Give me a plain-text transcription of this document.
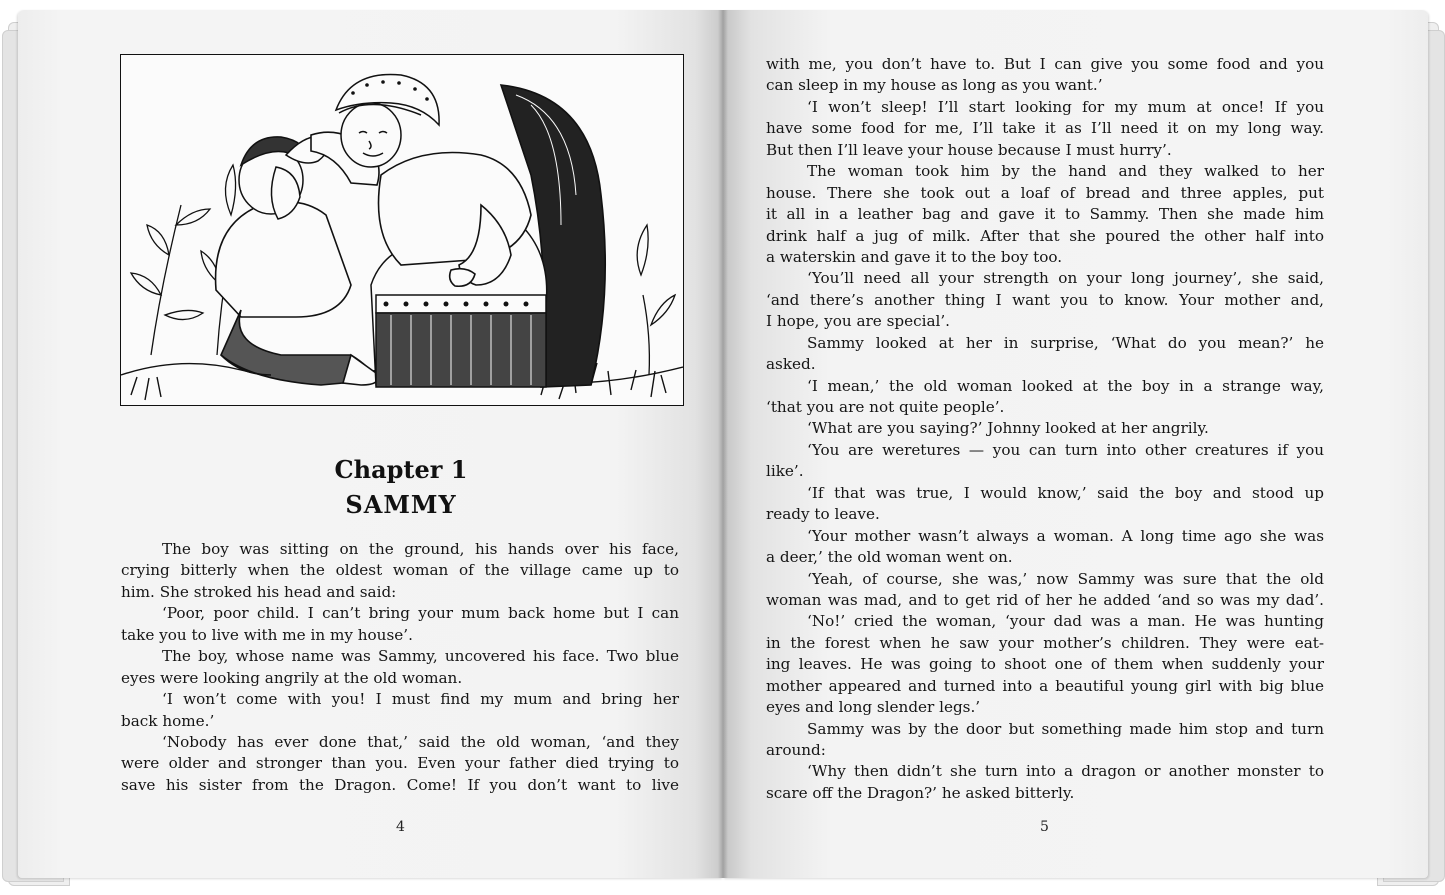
Chapter 1
SAMMY
The boy was sitting on the ground, his hands over his face,
crying bitterly when the oldest woman of the village came up to
him. She stroked his head and said:
‘Poor, poor child. I can’t bring your mum back home but I can
take you to live with me in my house’.
The boy, whose name was Sammy, uncovered his face. Two blue
eyes were looking angrily at the old woman.
‘I won’t come with you! I must find my mum and bring her
back home.’
‘Nobody has ever done that,’ said the old woman, ‘and they
were older and stronger than you. Even your father died trying to
save his sister from the Dragon. Come! If you don’t want to live
with me, you don’t have to. But I can give you some food and you
can sleep in my house as long as you want.’
‘I won’t sleep! I’ll start looking for my mum at once! If you
have some food for me, I’ll take it as I’ll need it on my long way.
But then I’ll leave your house because I must hurry’.
The woman took him by the hand and they walked to her
house. There she took out a loaf of bread and three apples, put
it all in a leather bag and gave it to Sammy. Then she made him
drink half a jug of milk. After that she poured the other half into
a waterskin and gave it to the boy too.
‘You’ll need all your strength on your long journey’, she said,
‘and there’s another thing I want you to know. Your mother and,
I hope, you are special’.
Sammy looked at her in surprise, ‘What do you mean?’ he
asked.
‘I mean,’ the old woman looked at the boy in a strange way,
‘that you are not quite people’.
‘What are you saying?’ Johnny looked at her angrily.
‘You are weretures — you can turn into other creatures if you
like’.
‘If that was true, I would know,’ said the boy and stood up
ready to leave.
‘Your mother wasn’t always a woman. A long time ago she was
a deer,’ the old woman went on.
‘Yeah, of course, she was,’ now Sammy was sure that the old
woman was mad, and to get rid of her he added ‘and so was my dad’.
‘No!’ cried the woman, ‘your dad was a man. He was hunting
in the forest when he saw your mother’s children. They were eat-
ing leaves. He was going to shoot one of them when suddenly your
mother appeared and turned into a beautiful young girl with big blue
eyes and long slender legs.’
Sammy was by the door but something made him stop and turn
around:
‘Why then didn’t she turn into a dragon or another monster to
scare off the Dragon?’ he asked bitterly.
4	5
